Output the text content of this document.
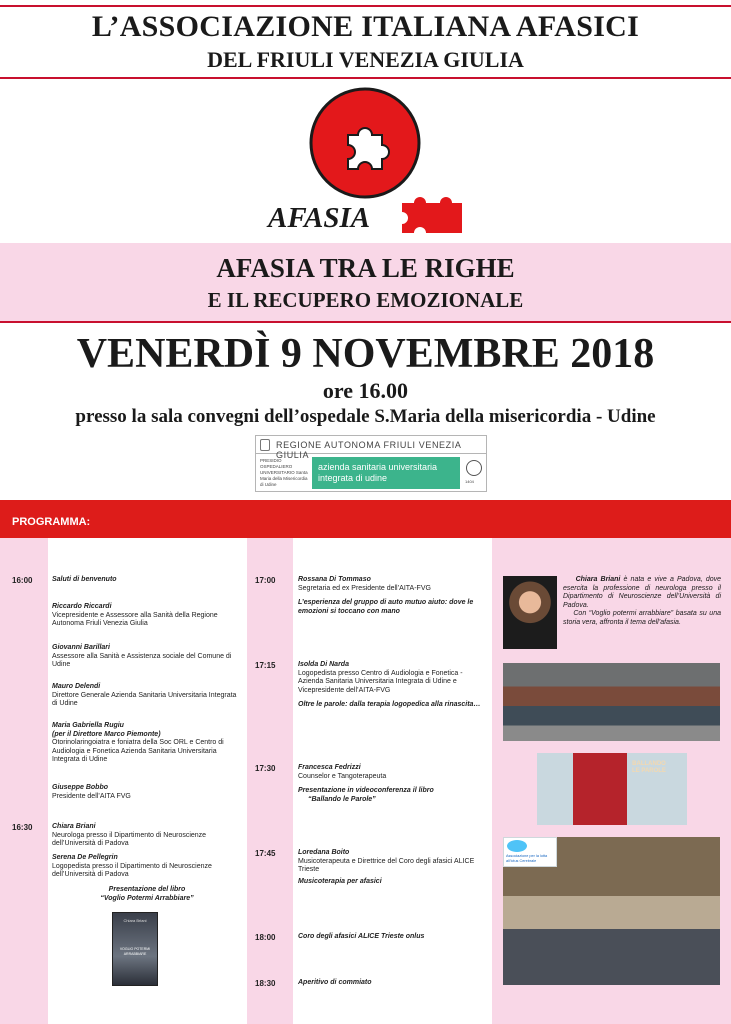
L’ASSOCIAZIONE ITALIANA AFASICI
DEL FRIULI VENEZIA GIULIA
AFASIA
AFASIA TRA LE RIGHE
E IL RECUPERO EMOZIONALE
VENERDÌ 9 NOVEMBRE 2018
ore 16.00
presso la sala convegni dell’ospedale S.Maria della misericordia - Udine
REGIONE AUTONOMA FRIULI VENEZIA GIULIA
PRESIDIO OSPEDALIERO UNIVERSITARIO Santa Maria della Misericordia di Udine
azienda sanitaria universitaria
integrata di udine	1404
PROGRAMMA:
16:00	Saluti di benvenuto
Riccardo Riccardi
Vicepresidente e Assessore alla Sanità della Regione Autonoma Friuli Venezia Giulia
Giovanni Barillari
Assessore alla Sanità e Assistenza sociale del Comune di Udine
Mauro Delendi
Direttore Generale Azienda Sanitaria Universitaria Integrata di Udine
Maria Gabriella Rugiu
(per il Direttore Marco Piemonte)
Otorinolaringoiatra e foniatra della Soc ORL e Centro di Audiologia e Fonetica Azienda Sanitaria Universitaria Integrata di Udine
Giuseppe Bobbo
Presidente dell’AITA FVG
16:30	Chiara Briani
Neurologa presso il Dipartimento di Neuroscienze dell’Università di Padova
Serena De Pellegrin
Logopedista presso il Dipartimento di Neuroscienze dell’Università di Padova
Presentazione del libro
“Voglio Potermi Arrabbiare”
Chiara Briani
VOGLIO POTERMI ARRABBIARE
17:00	Rossana Di Tommaso
Segretaria ed ex Presidente dell’AITA-FVG
L’esperienza del gruppo di auto mutuo aiuto: dove le emozioni si toccano con mano
17:15	Isolda Di Narda
Logopedista presso Centro di Audiologia e Fonetica - Azienda Sanitaria Universitaria Integrata di Udine e Vicepresidente dell’AITA-FVG
Oltre le parole: dalla terapia logopedica alla rinascita…
17:30	Francesca Fedrizzi
Counselor e Tangoterapeuta
Presentazione in videoconferenza il libro
“Ballando le Parole”
17:45	Loredana Boito
Musicoterapeuta e Direttrice del Coro degli afasici ALICE Trieste
Musicoterapia per afasici
18:00	Coro degli afasici ALICE Trieste onlus
18:30	Aperitivo di commiato
Chiara Briani è nata e vive a Padova, dove esercita la professione di neurologa presso il Dipartimento di Neuroscienze dell’Università di Padova.
Con “Voglio potermi arrabbiare” basata su una storia vera, affronta il tema dell’afasia.
BALLANDO LE PAROLE
Associazione per la lotta all’ictus Cerebrale
